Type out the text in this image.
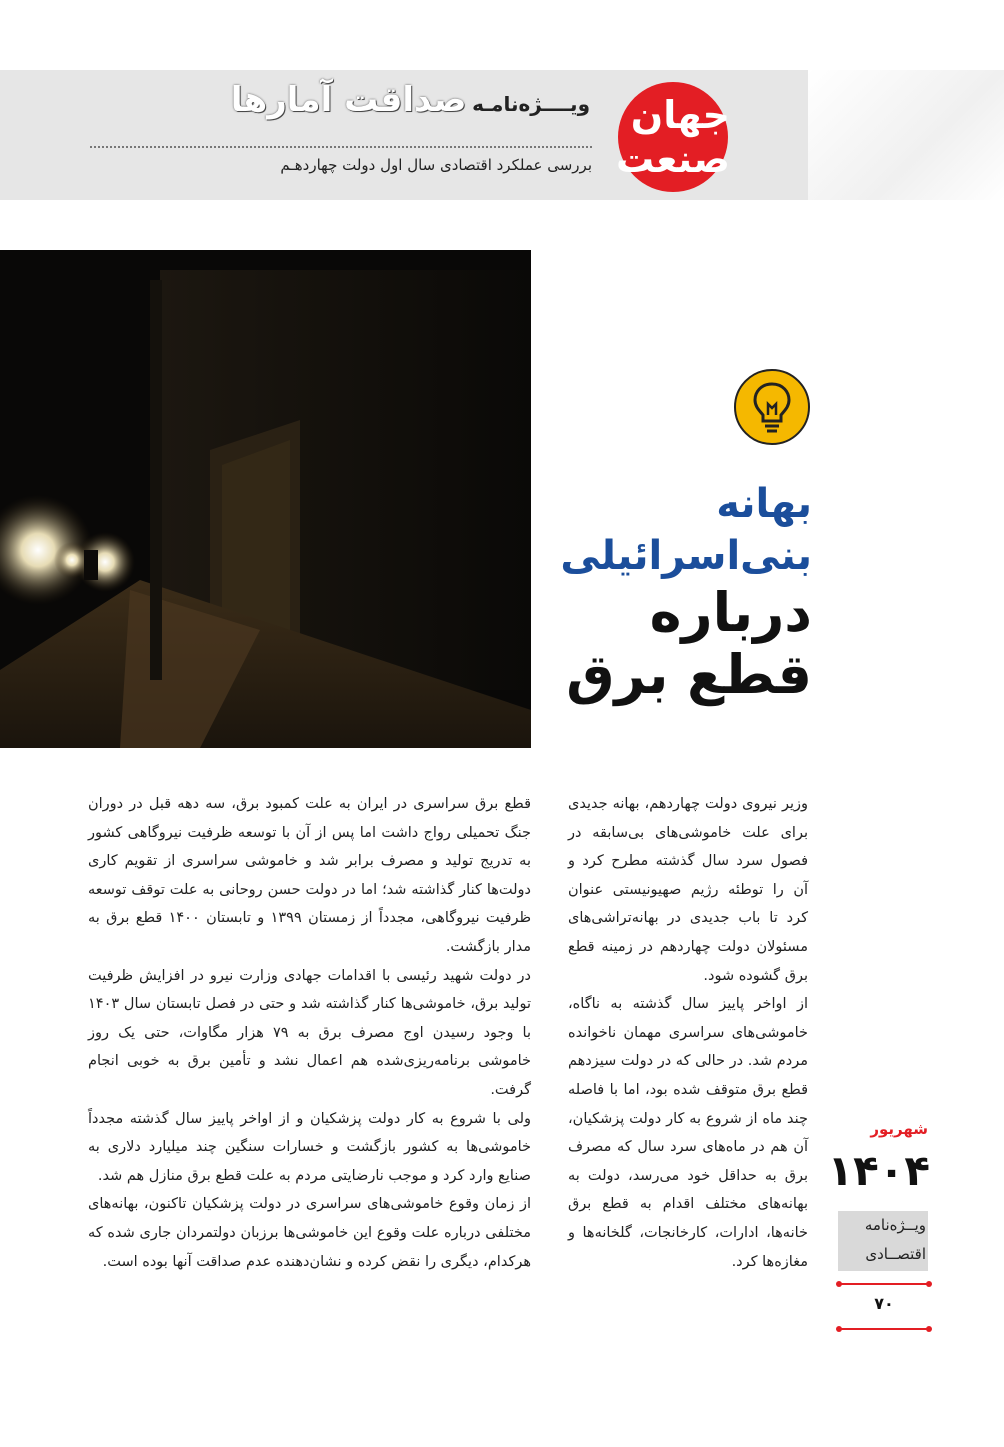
جهان صنعت
ویــــژه‌نامـه صداقت آمارها
بررسی عملکرد اقتصادی سال اول دولت چهاردهـم
بهانه
بنی‌اسرائیلی
درباره
قطع برق

وزیر نیروی دولت چهاردهم، بهانه جدیدی برای علت خاموشی‌های بی‌سابقه در فصول سرد سال گذشته مطرح کرد و آن را توطئه رژیم صهیونیستی عنوان کرد تا باب جدیدی در بهانه‌تراشی‌های مسئولان دولت چهاردهم در زمینه قطع برق گشوده شود.

از اواخر پاییز سال گذشته به ناگاه، خاموشی‌های سراسری مهمان ناخوانده مردم شد. در حالی که در دولت سیزدهم قطع برق متوقف شده بود، اما با فاصله چند ماه از شروع به کار دولت پزشکیان، آن هم در ماه‌های سرد سال که مصرف برق به حداقل خود می‌رسد، دولت به بهانه‌های مختلف اقدام به قطع برق خانه‌ها، ادارات، کارخانجات، گلخانه‌ها و مغازه‌ها کرد.

قطع برق سراسری در ایران به علت کمبود برق، سه دهه قبل در دوران جنگ تحمیلی رواج داشت اما پس از آن با توسعه ظرفیت نیروگاهی کشور به تدریج تولید و مصرف برابر شد و خاموشی سراسری از تقویم کاری دولت‌ها کنار گذاشته شد؛ اما در دولت حسن روحانی به علت توقف توسعه ظرفیت نیروگاهی، مجدداً از زمستان ۱۳۹۹ و تابستان ۱۴۰۰ قطع برق به مدار بازگشت.

در دولت شهید رئیسی با اقدامات جهادی وزارت نیرو در افزایش ظرفیت تولید برق، خاموشی‌ها کنار گذاشته شد و حتی در فصل تابستان سال ۱۴۰۳ با وجود رسیدن اوج مصرف برق به ۷۹ هزار مگاوات، حتی یک روز خاموشی برنامه‌ریزی‌شده هم اعمال نشد و تأمین برق به خوبی انجام گرفت.

ولی با شروع به کار دولت پزشکیان و از اواخر پاییز سال گذشته مجدداً خاموشی‌ها به کشور بازگشت و خسارات سنگین چند میلیارد دلاری به صنایع وارد کرد و موجب نارضایتی مردم به علت قطع برق منازل هم شد.

از زمان وقوع خاموشی‌های سراسری در دولت پزشکیان تاکنون، بهانه‌های مختلفی درباره علت وقوع این خاموشی‌ها برزبان دولتمردان جاری شده که هرکدام، دیگری را نقض کرده و نشان‌دهنده عدم صداقت آنها بوده است.

شهریور
۱۴۰۴
ویــژه‌نامه
اقتصــادی
۷۰
